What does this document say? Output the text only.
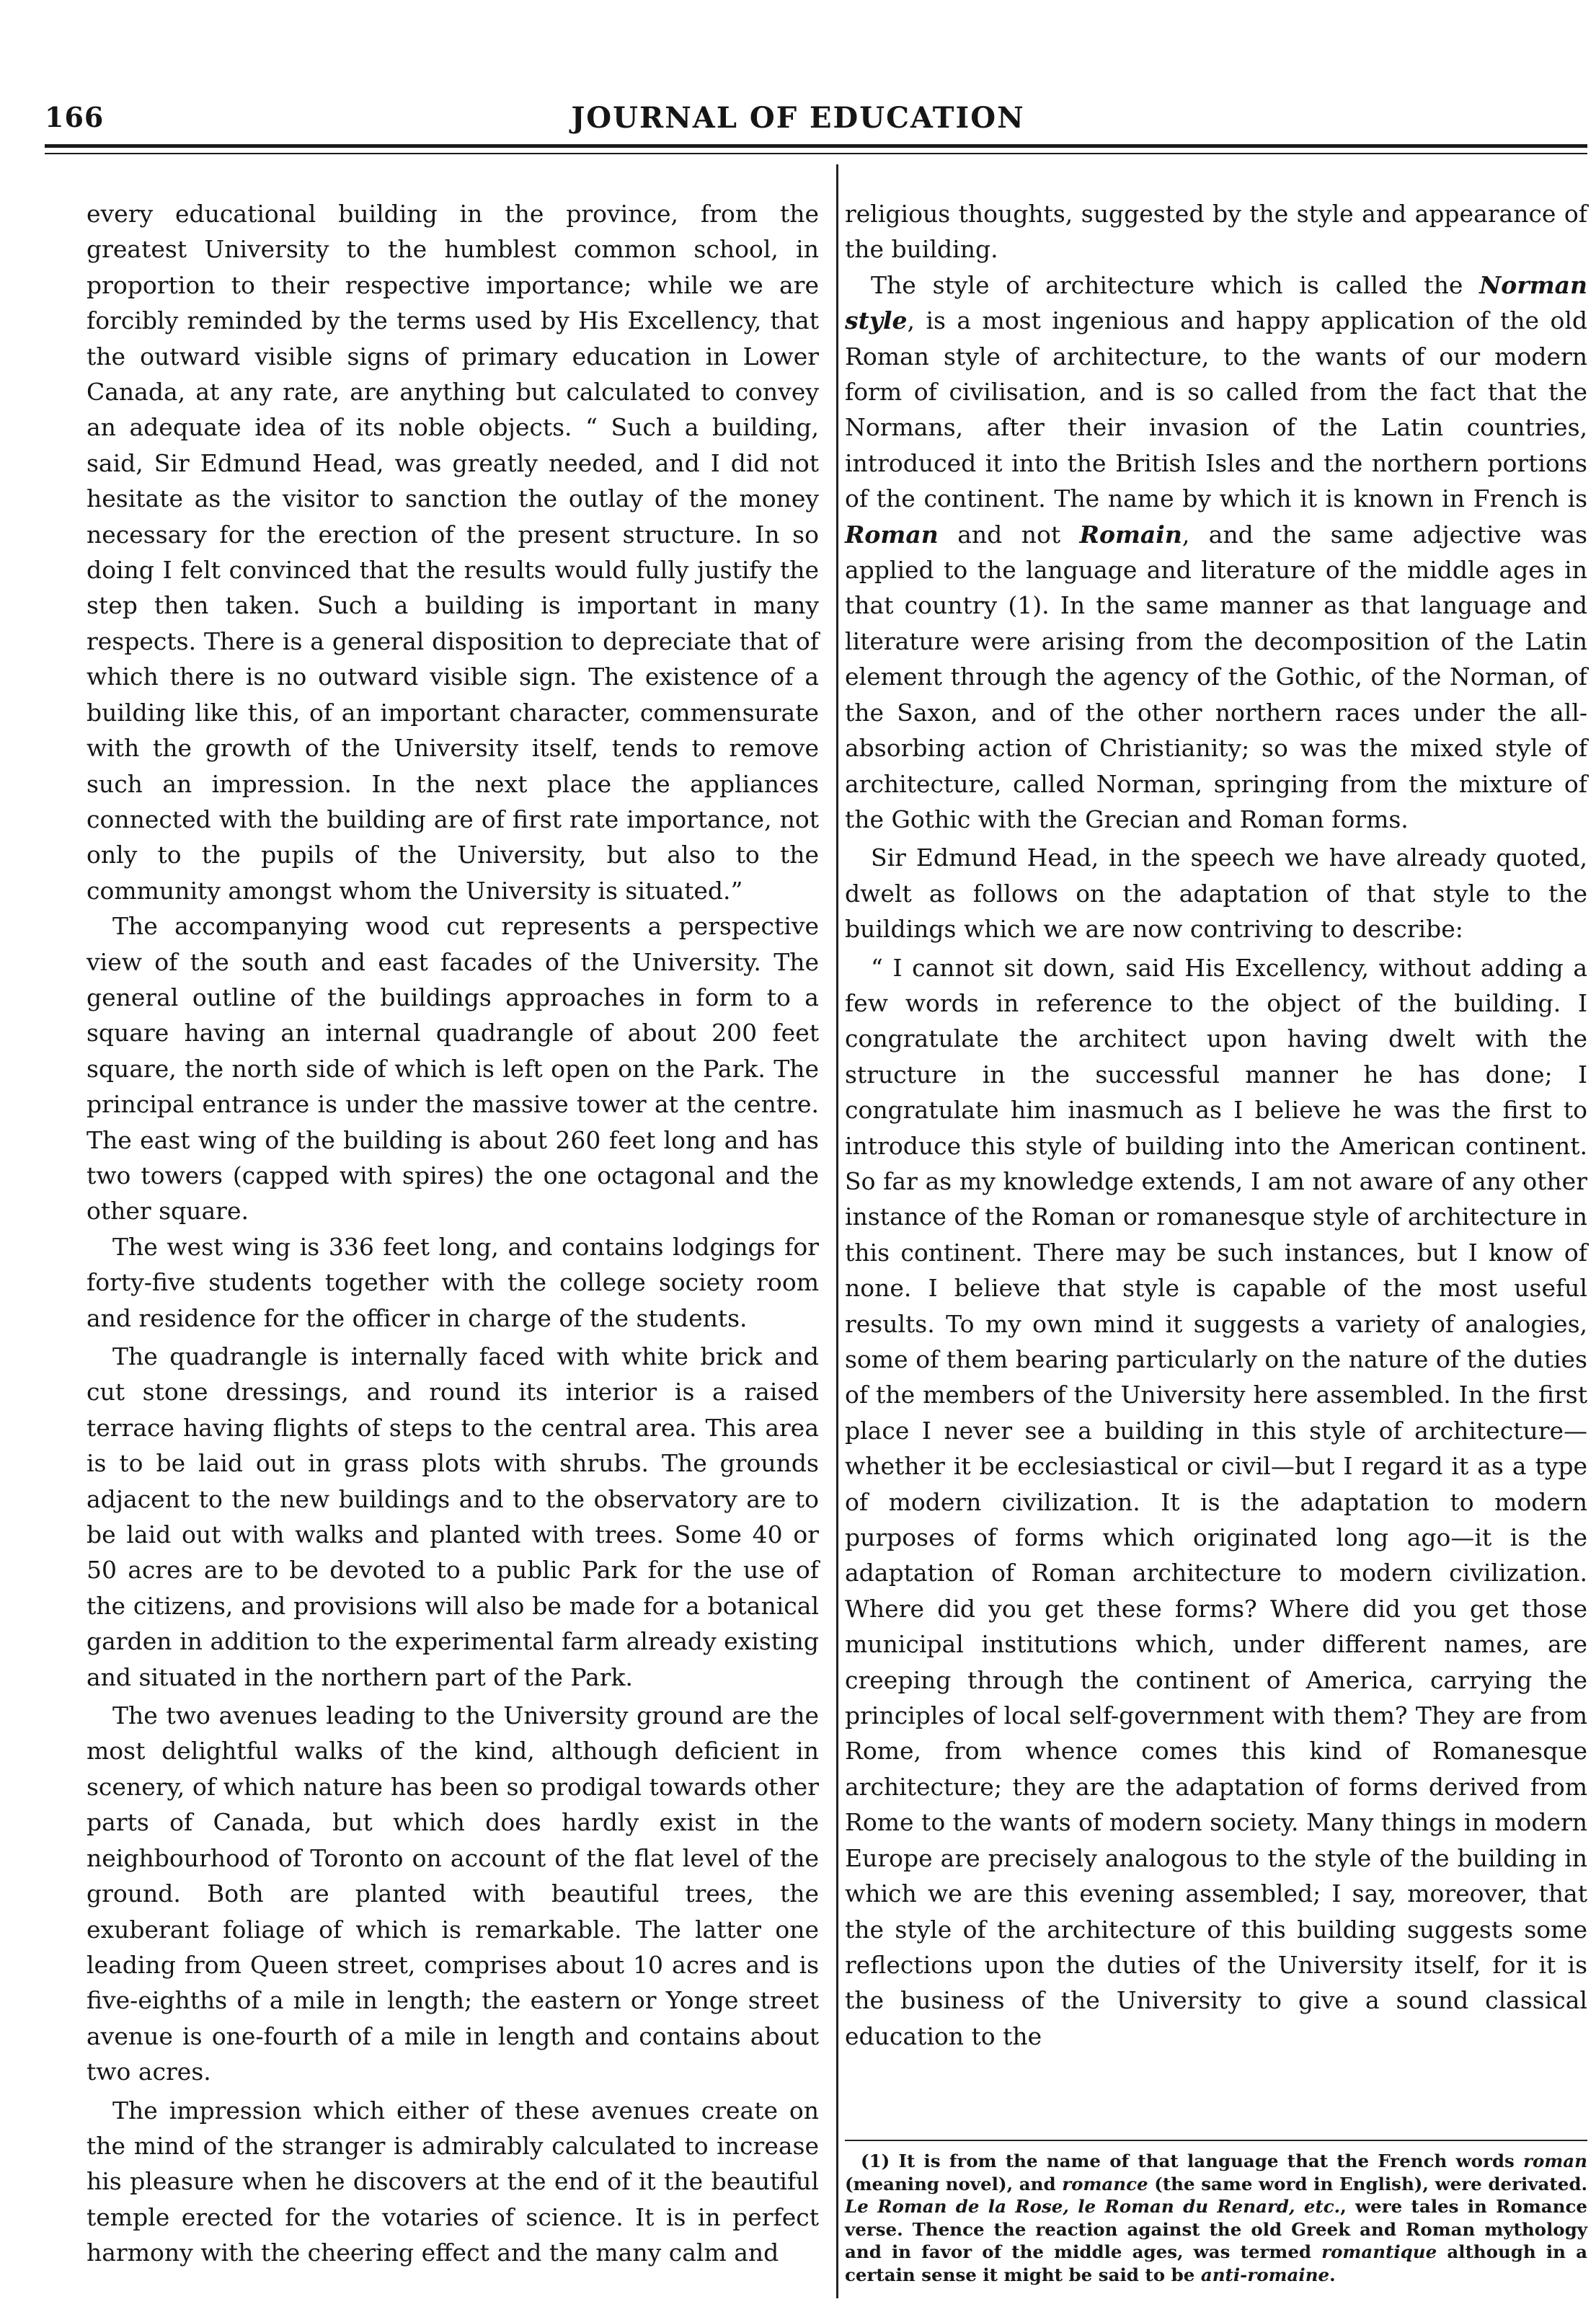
166	JOURNAL OF EDUCATION

every educational building in the province, from the greatest University to the humblest common school, in proportion to their respective importance; while we are forcibly reminded by the terms used by His Excellency, that the outward visible signs of primary education in Lower Canada, at any rate, are anything but calculated to convey an adequate idea of its noble objects. “ Such a building, said, Sir Edmund Head, was greatly needed, and I did not hesitate as the visitor to sanction the outlay of the money necessary for the erection of the present structure. In so doing I felt convinced that the results would fully justify the step then taken. Such a building is important in many respects. There is a general disposition to depreciate that of which there is no outward visible sign. The existence of a building like this, of an important character, commensurate with the growth of the University itself, tends to remove such an impression. In the next place the appliances connected with the building are of first rate importance, not only to the pupils of the University, but also to the community amongst whom the University is situated.”

The accompanying wood cut represents a perspective view of the south and east facades of the University. The general outline of the buildings approaches in form to a square having an internal quadrangle of about 200 feet square, the north side of which is left open on the Park. The principal entrance is under the massive tower at the centre. The east wing of the building is about 260 feet long and has two towers (capped with spires) the one octagonal and the other square.

The west wing is 336 feet long, and contains lodgings for forty-five students together with the college society room and residence for the officer in charge of the students.

The quadrangle is internally faced with white brick and cut stone dressings, and round its interior is a raised terrace having flights of steps to the central area. This area is to be laid out in grass plots with shrubs. The grounds adjacent to the new buildings and to the observatory are to be laid out with walks and planted with trees. Some 40 or 50 acres are to be devoted to a public Park for the use of the citizens, and provisions will also be made for a botanical garden in addition to the experimental farm already existing and situated in the northern part of the Park.

The two avenues leading to the University ground are the most delightful walks of the kind, although deficient in scenery, of which nature has been so prodigal towards other parts of Canada, but which does hardly exist in the neighbourhood of Toronto on account of the flat level of the ground. Both are planted with beautiful trees, the exuberant foliage of which is remarkable. The latter one leading from Queen street, comprises about 10 acres and is five-eighths of a mile in length; the eastern or Yonge street avenue is one-fourth of a mile in length and contains about two acres.

The impression which either of these avenues create on the mind of the stranger is admirably calculated to increase his pleasure when he discovers at the end of it the beautiful temple erected for the votaries of science. It is in perfect harmony with the cheering effect and the many calm and

religious thoughts, suggested by the style and appearance of the building.

The style of architecture which is called the Norman style, is a most ingenious and happy application of the old Roman style of architecture, to the wants of our modern form of civilisation, and is so called from the fact that the Normans, after their invasion of the Latin countries, introduced it into the British Isles and the northern portions of the continent. The name by which it is known in French is Roman and not Romain, and the same adjective was applied to the language and literature of the middle ages in that country (1). In the same manner as that language and literature were arising from the decomposition of the Latin element through the agency of the Gothic, of the Norman, of the Saxon, and of the other northern races under the all-absorbing action of Christianity; so was the mixed style of architecture, called Norman, springing from the mixture of the Gothic with the Grecian and Roman forms.

Sir Edmund Head, in the speech we have already quoted, dwelt as follows on the adaptation of that style to the buildings which we are now contriving to describe:

“ I cannot sit down, said His Excellency, without adding a few words in reference to the object of the building. I congratulate the architect upon having dwelt with the structure in the successful manner he has done; I congratulate him inasmuch as I believe he was the first to introduce this style of building into the American continent. So far as my knowledge extends, I am not aware of any other instance of the Roman or romanesque style of architecture in this continent. There may be such instances, but I know of none. I believe that style is capable of the most useful results. To my own mind it suggests a variety of analogies, some of them bearing particularly on the nature of the duties of the members of the University here assembled. In the first place I never see a building in this style of architecture—whether it be ecclesiastical or civil—but I regard it as a type of modern civilization. It is the adaptation to modern purposes of forms which originated long ago—it is the adaptation of Roman architecture to modern civilization. Where did you get these forms? Where did you get those municipal institutions which, under different names, are creeping through the continent of America, carrying the principles of local self-government with them? They are from Rome, from whence comes this kind of Romanesque architecture; they are the adaptation of forms derived from Rome to the wants of modern society. Many things in modern Europe are precisely analogous to the style of the building in which we are this evening assembled; I say, moreover, that the style of the architecture of this building suggests some reflections upon the duties of the University itself, for it is the business of the University to give a sound classical education to the

(1) It is from the name of that language that the French words roman (meaning novel), and romance (the same word in English), were derivated. Le Roman de la Rose, le Roman du Renard, etc., were tales in Romance verse. Thence the reaction against the old Greek and Roman mythology and in favor of the middle ages, was termed romantique although in a certain sense it might be said to be anti-romaine.
